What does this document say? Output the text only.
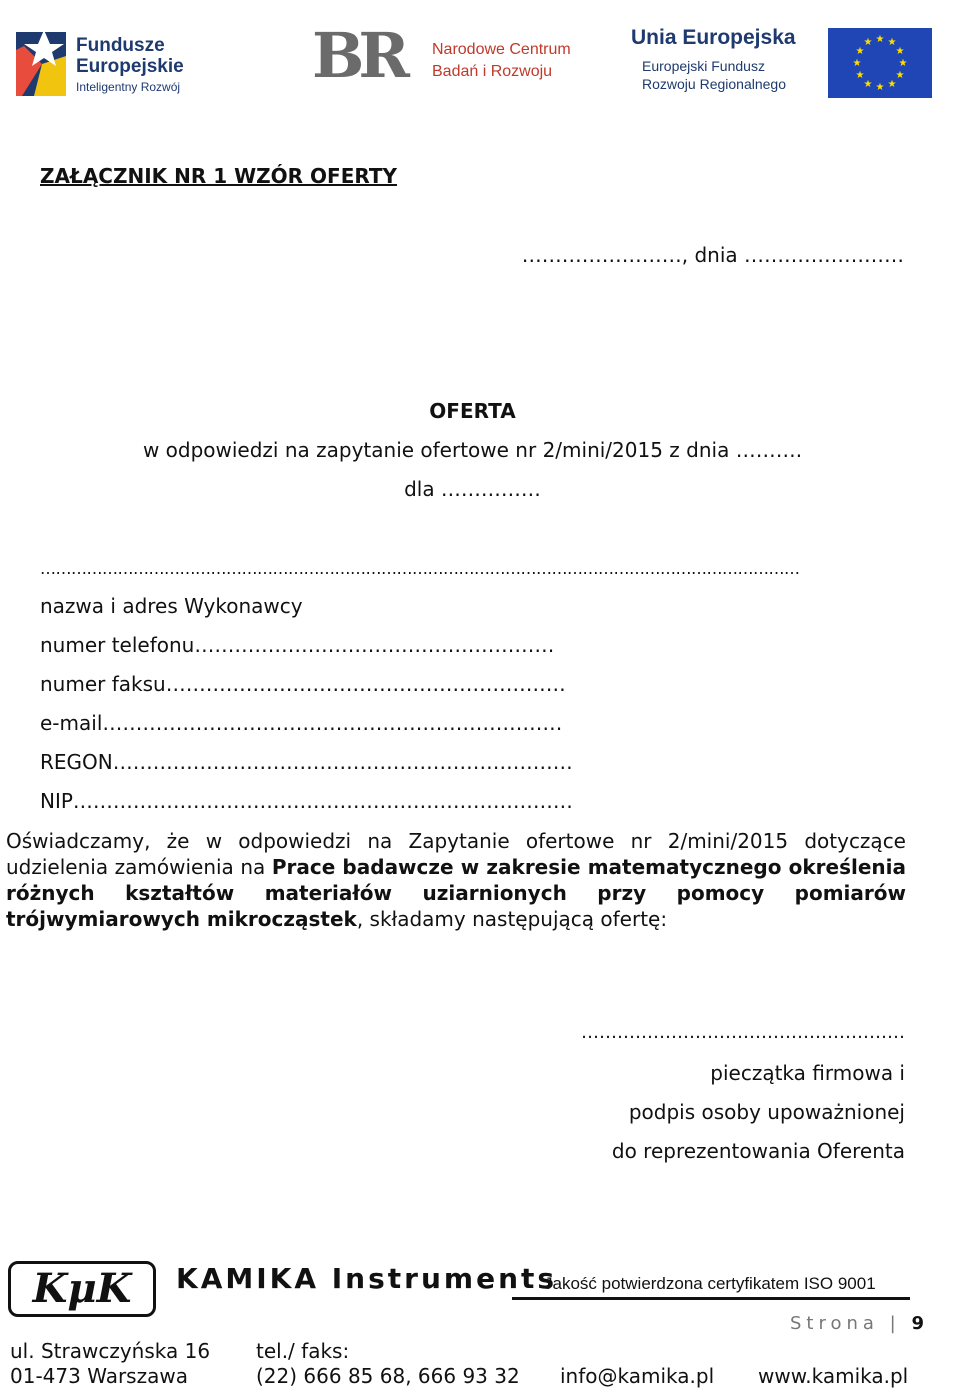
Fundusze
Europejskie
Inteligentny Rozwój BR Narodowe Centrum
Badań i Rozwoju
Unia Europejska
Europejski Fundusz
Rozwoju Regionalnego
★ ★
★
★
★
★
★
★
★
★
★
★
ZAŁĄCZNIK NR 1 WZÓR OFERTY
……………………, dnia ……………………
OFERTA
w odpowiedzi na zapytanie ofertowe nr 2/mini/2015 z dnia ……….
dla ……………
…………………………………………………………………………………………………………………………………
nazwa i adres Wykonawcy
numer telefonu………………………………………………
numer faksu……………………………………………………
e-mail……………………………………………………………
REGON……………………………………………………………
NIP…………………………………………………………………
Oświadczamy, że w odpowiedzi na Zapytanie ofertowe nr 2/mini/2015 dotyczące udzielenia zamówienia na Prace badawcze w zakresie matematycznego określenia różnych kształtów materiałów uziarnionych przy pomocy pomiarów trójwymiarowych mikrocząstek, składamy następującą ofertę:
………………………………………………
pieczątka firmowa i
podpis osoby upoważnionej
do reprezentowania Oferenta
KμK	KAMIKA Instruments
Jakość potwierdzona certyfikatem ISO 9001
Strona | 9
ul. Strawczyńska 16
01-473 Warszawa
tel./ faks:
(22) 666 85 68, 666 93 32 info@kamika.pl www.kamika.pl
